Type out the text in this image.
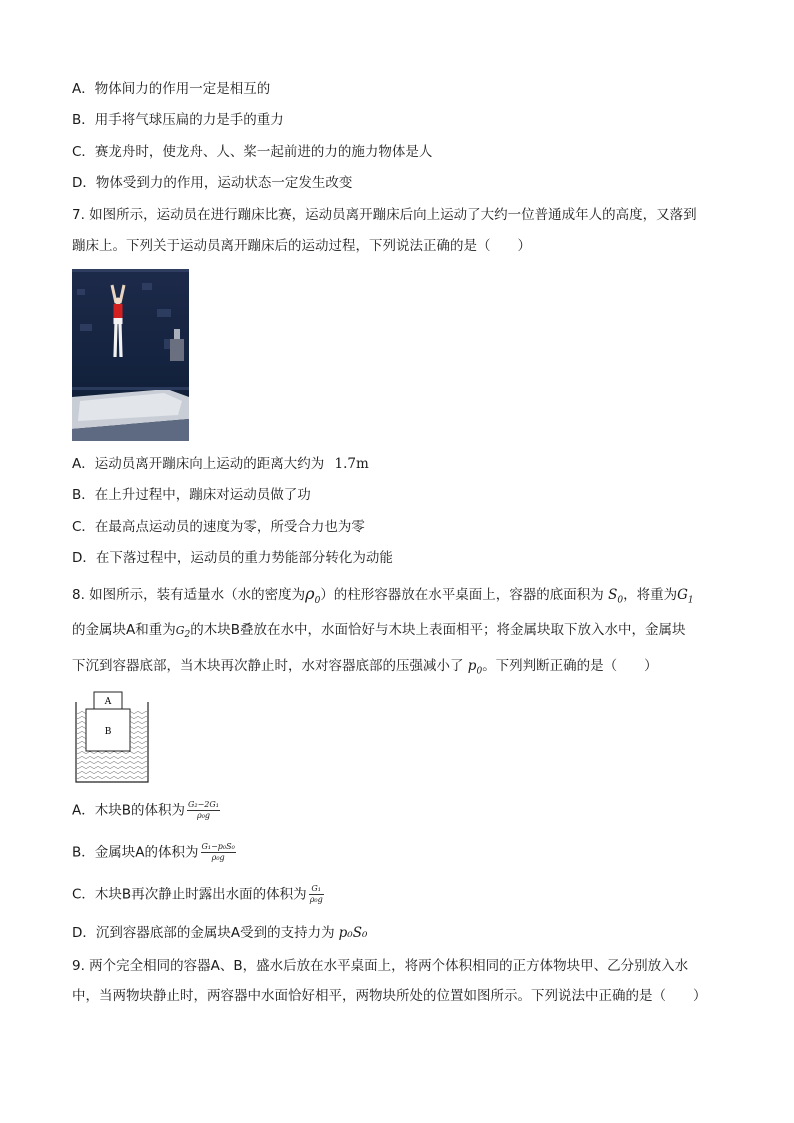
A．物体间力的作用一定是相互的
B．用手将气球压扁的力是手的重力
C．赛龙舟时，使龙舟、人、桨一起前进的力的施力物体是人
D．物体受到力的作用，运动状态一定发生改变
7. 如图所示，运动员在进行蹦床比赛，运动员离开蹦床后向上运动了大约一位普通成年人的高度，又落到
蹦床上。下列关于运动员离开蹦床后的运动过程，下列说法正确的是（　　）
A．运动员离开蹦床向上运动的距离大约为 1.7m
B．在上升过程中，蹦床对运动员做了功
C．在最高点运动员的速度为零，所受合力也为零
D．在下落过程中，运动员的重力势能部分转化为动能
8. 如图所示，装有适量水（水的密度为$\rho_0$）的柱形容器放在水平桌面上，容器的底面积为 $S_0$，将重为$G_1$
的金属块A和重为$G_2$的木块B叠放在水中，水面恰好与木块上表面相平；将金属块取下放入水中，金属块
下沉到容器底部，当木块再次静止时，水对容器底部的压强减小了 $p_0$。下列判断正确的是（　　）
A
B
A．木块B的体积为 $\frac{\text{G₂−2G₁}}{\text{ρ₀g}}$
B．金属块A的体积为 $\frac{\text{G₁−p₀S₀}}{\text{ρ₀g}}$
C．木块B再次静止时露出水面的体积为 $\frac{\text{G₁}}{\text{ρ₀g}}$
D．沉到容器底部的金属块A受到的支持力为 p₀S₀
9. 两个完全相同的容器A、B，盛水后放在水平桌面上，将两个体积相同的正方体物块甲、乙分别放入水
中，当两物块静止时，两容器中水面恰好相平，两物块所处的位置如图所示。下列说法中正确的是（　　）
